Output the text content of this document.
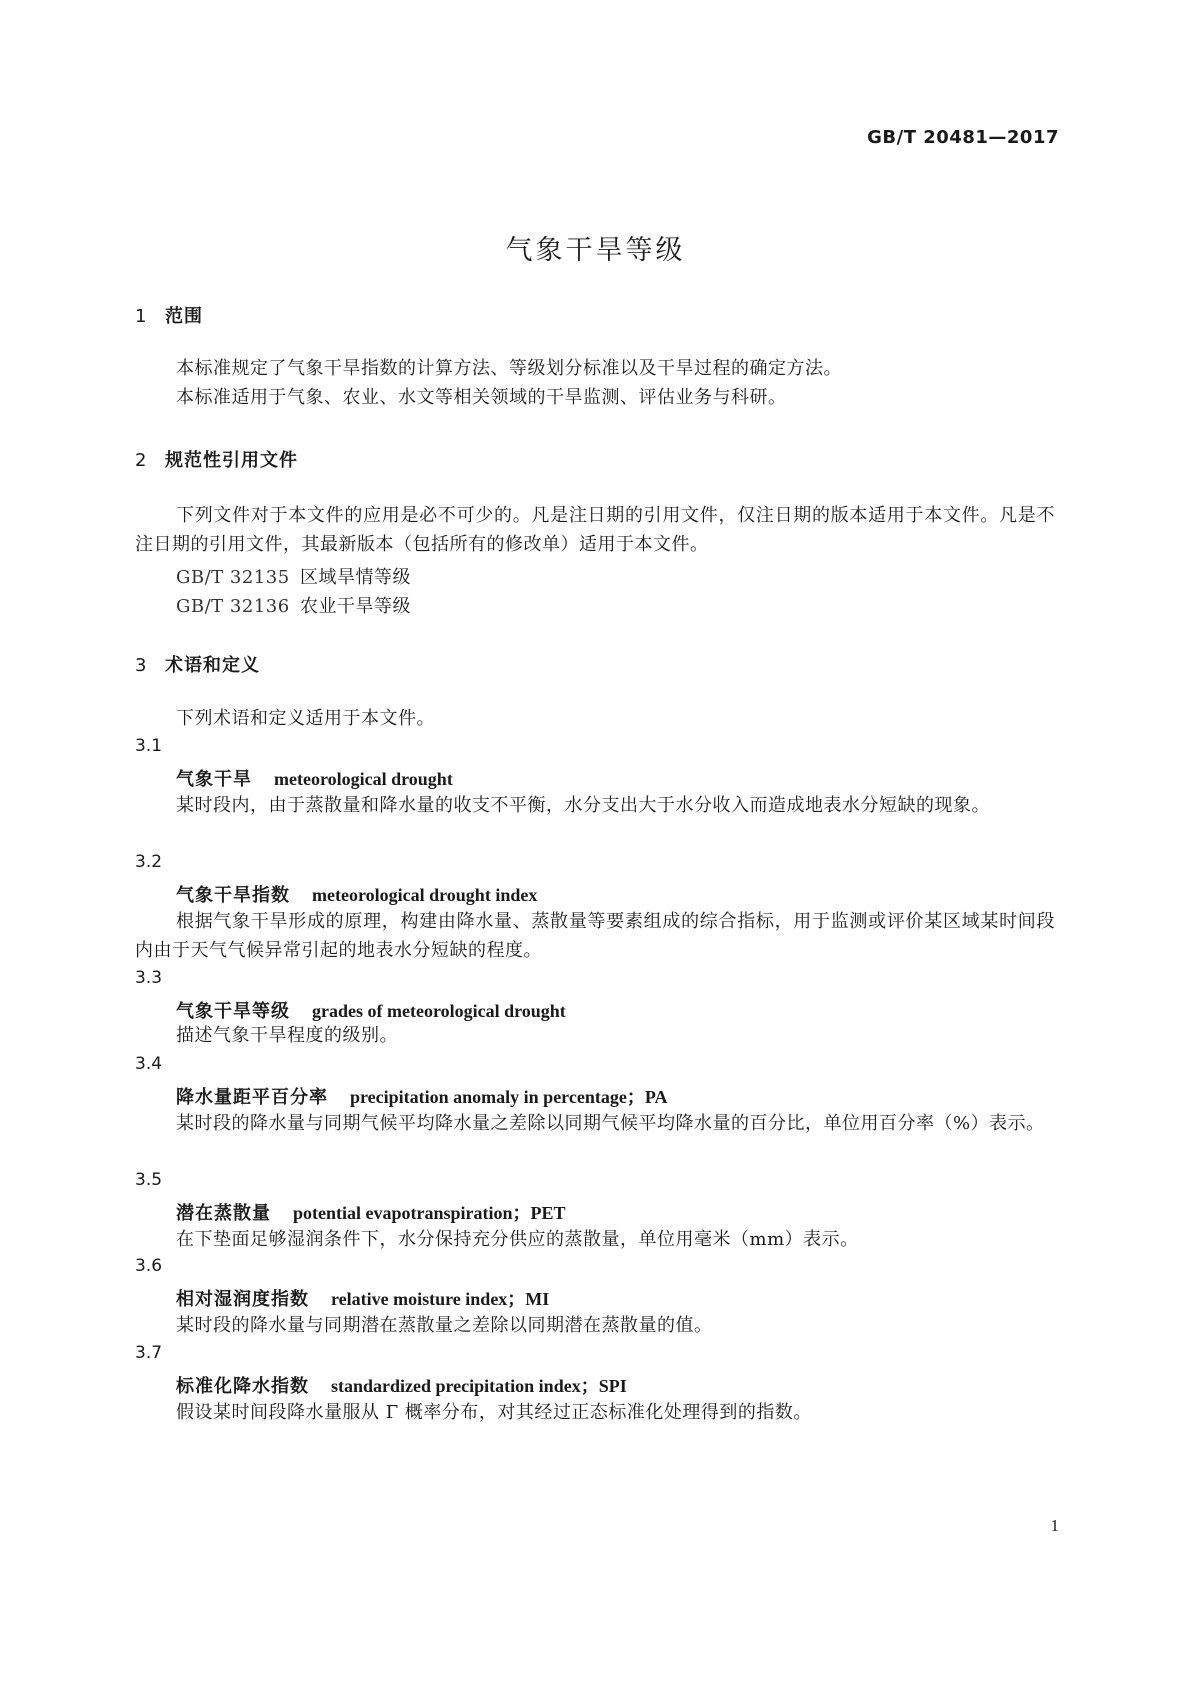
GB/T 20481—2017
气象干旱等级
1 范围

本标准规定了气象干旱指数的计算方法、等级划分标准以及干旱过程的确定方法。

本标准适用于气象、农业、水文等相关领域的干旱监测、评估业务与科研。

2 规范性引用文件

下列文件对于本文件的应用是必不可少的。凡是注日期的引用文件，仅注日期的版本适用于本文件。凡是不注日期的引用文件，其最新版本（包括所有的修改单）适用于本文件。

GB/T 32135 区域旱情等级
GB/T 32136 农业干旱等级
3 术语和定义

下列术语和定义适用于本文件。

3.1
气象干旱 meteorological drought

某时段内，由于蒸散量和降水量的收支不平衡，水分支出大于水分收入而造成地表水分短缺的现象。

3.2
气象干旱指数 meteorological drought index

根据气象干旱形成的原理，构建由降水量、蒸散量等要素组成的综合指标，用于监测或评价某区域某时间段内由于天气气候异常引起的地表水分短缺的程度。

3.3
气象干旱等级 grades of meteorological drought

描述气象干旱程度的级别。

3.4
降水量距平百分率 precipitation anomaly in percentage；PA

某时段的降水量与同期气候平均降水量之差除以同期气候平均降水量的百分比，单位用百分率（%）表示。

3.5
潜在蒸散量 potential evapotranspiration；PET

在下垫面足够湿润条件下，水分保持充分供应的蒸散量，单位用毫米（mm）表示。

3.6
相对湿润度指数 relative moisture index；MI

某时段的降水量与同期潜在蒸散量之差除以同期潜在蒸散量的值。

3.7
标准化降水指数 standardized precipitation index；SPI

假设某时间段降水量服从 Γ 概率分布，对其经过正态标准化处理得到的指数。

1
